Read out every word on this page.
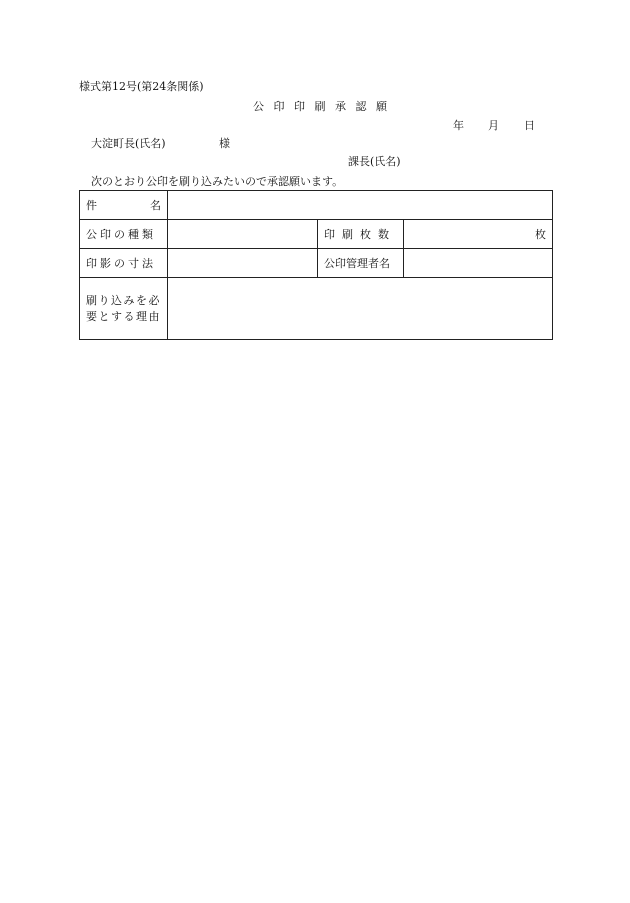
様式第12号(第24条関係)
公 印 印 刷 承 認 願
年 月 日
大淀町長(氏名)	様
課長(氏名)
次のとおり公印を刷り込みたいので承認願います。
件 名			

公印の種類		印刷枚数	枚
印影の寸法		公印管理者名	

刷り込みを必要とする理由			
